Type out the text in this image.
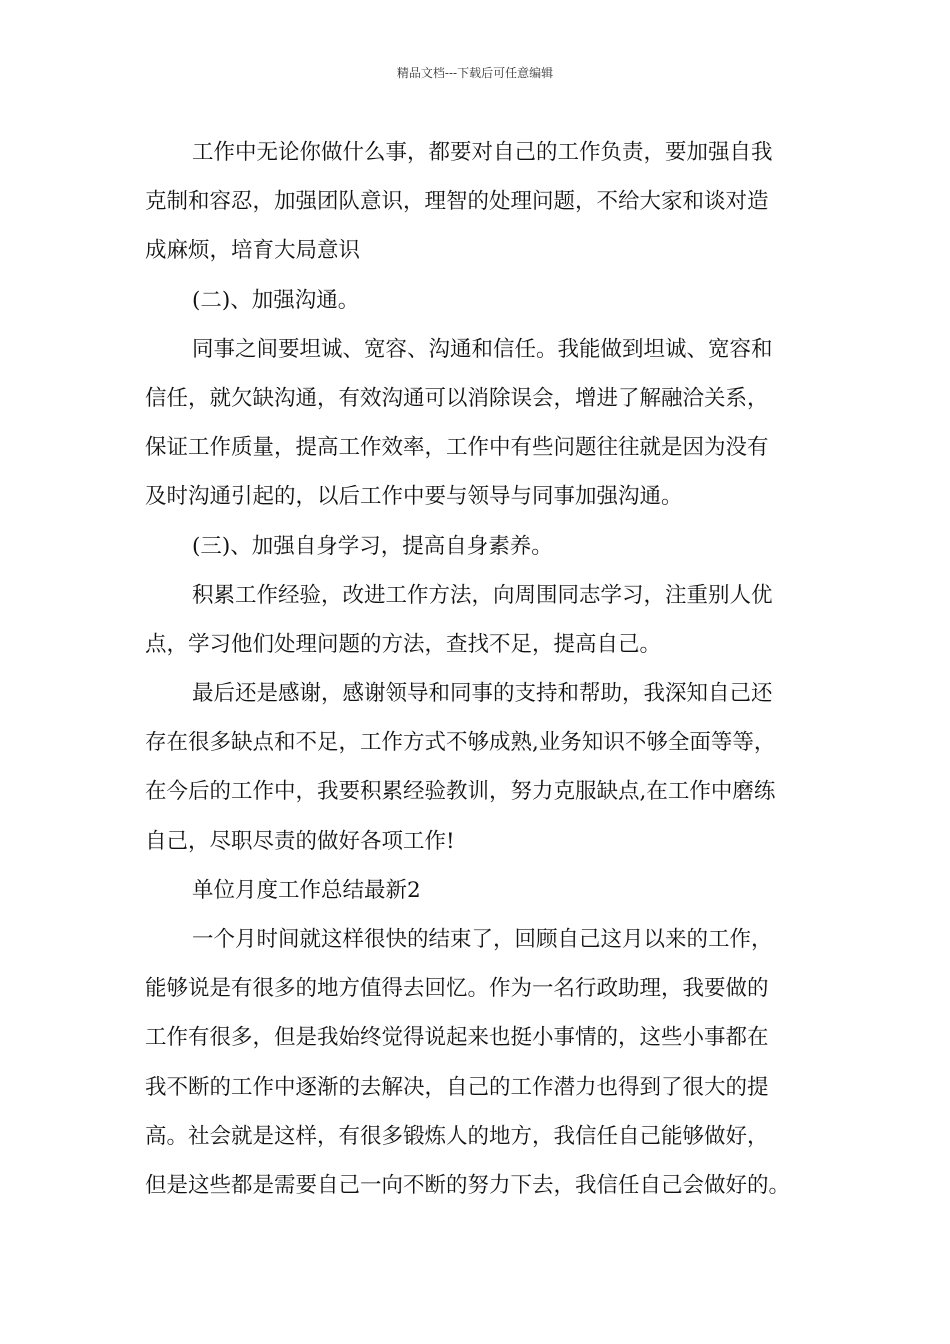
精品文档---下载后可任意编辑
工作中无论你做什么事，都要对自己的工作负责，要加强自我
克制和容忍，加强团队意识，理智的处理问题，不给大家和谈对造
成麻烦，培育大局意识
(二)、加强沟通。
同事之间要坦诚、宽容、沟通和信任。我能做到坦诚、宽容和
信任，就欠缺沟通，有效沟通可以消除误会，增进了解融洽关系，
保证工作质量，提高工作效率，工作中有些问题往往就是因为没有
及时沟通引起的，以后工作中要与领导与同事加强沟通。
(三)、加强自身学习，提高自身素养。
积累工作经验，改进工作方法，向周围同志学习，注重别人优
点，学习他们处理问题的方法，查找不足，提高自己。
最后还是感谢，感谢领导和同事的支持和帮助，我深知自己还
存在很多缺点和不足，工作方式不够成熟,业务知识不够全面等等，
在今后的工作中，我要积累经验教训，努力克服缺点,在工作中磨练
自己，尽职尽责的做好各项工作!
单位月度工作总结最新2
一个月时间就这样很快的结束了，回顾自己这月以来的工作，
能够说是有很多的地方值得去回忆。作为一名行政助理，我要做的
工作有很多，但是我始终觉得说起来也挺小事情的，这些小事都在
我不断的工作中逐渐的去解决，自己的工作潜力也得到了很大的提
高。社会就是这样，有很多锻炼人的地方，我信任自己能够做好，
但是这些都是需要自己一向不断的努力下去，我信任自己会做好的。
